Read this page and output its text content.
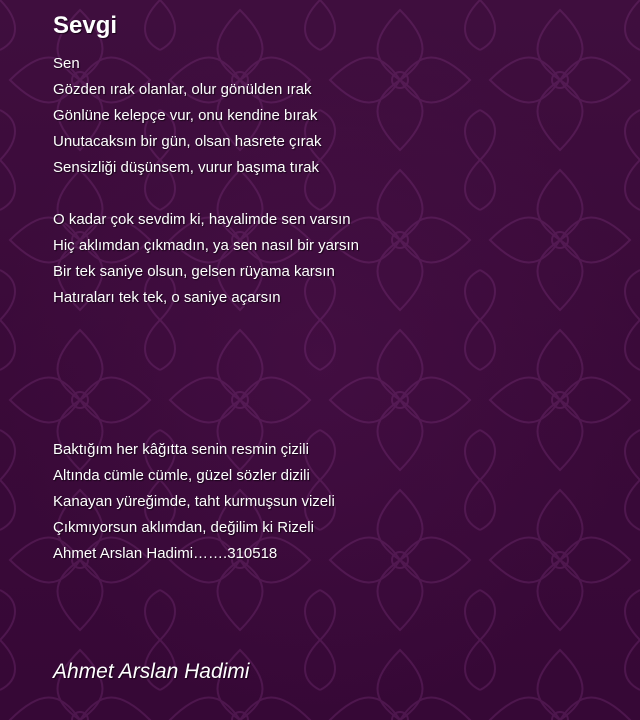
Sevgi
Sen
Gözden ırak olanlar, olur gönülden ırak
Gönlüne kelepçe vur, onu kendine bırak
Unutacaksın bir gün, olsan hasrete çırak
Sensizliği düşünsem, vurur başıma tırak
O kadar çok sevdim ki, hayalimde sen varsın
Hiç aklımdan çıkmadın, ya sen nasıl bir yarsın
Bir tek saniye olsun, gelsen rüyama karsın
Hatıraları tek tek, o saniye açarsın
Baktığım her kâğıtta senin resmin çizili
Altında cümle cümle, güzel sözler dizili
Kanayan yüreğimde, taht kurmuşsun vizeli
Çıkmıyorsun aklımdan, değilim ki Rizeli
Ahmet Arslan Hadimi…….310518

Ahmet Arslan Hadimi
